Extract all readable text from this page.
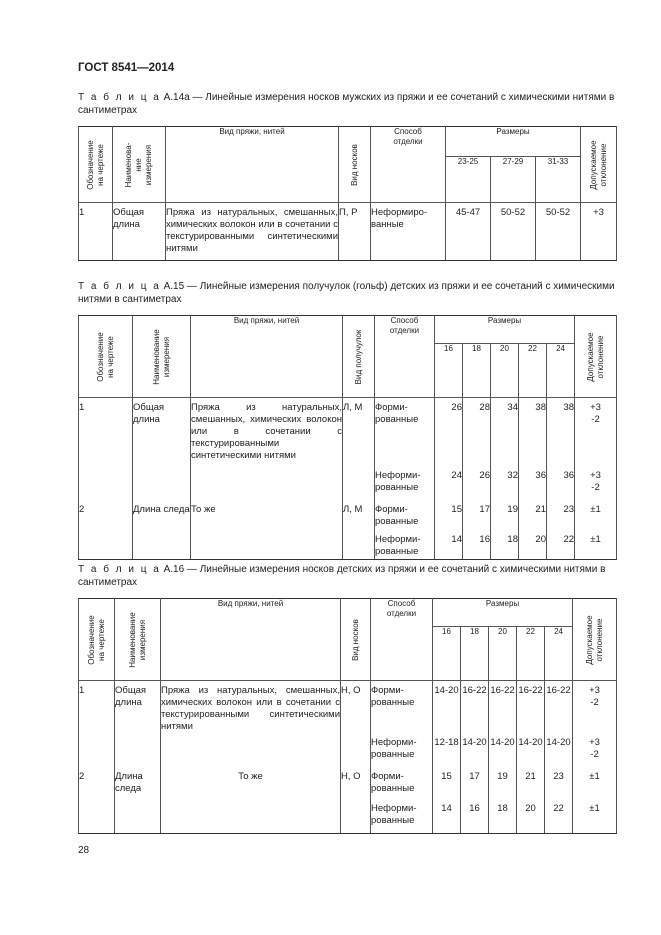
ГОСТ 8541—2014
Т а б л и ц а А.14а — Линейные измерения носков мужских из пряжи и ее сочетаний с химическими нитями в сантиметрах
Обозначение
на чертеже	Наименова-
ние
измерения	Вид пряжи, нитей	Вид носков	Способ
отделки	Размеры			Допускаемое
отклонение

					23-25	27-29	31-33	
1	Общая длина	Пряжа из натуральных, смешанных, химических волокон или в сочетании с текстурированными синтетическими нитями	П, Р	Неформированные	45-47	50-52	50-52	+3
Т а б л и ц а А.15 — Линейные измерения получулок (гольф) детских из пряжи и ее сочетаний с химическими нитями в сантиметрах
Обозначение
на чертеже	Наименование
измерения	Вид пряжи, нитей	Вид получулок	Способ
отделки	Размеры					Допускаемое
отклонение

					16	18	20	22	24	
1	Общая длина	Пряжа из натуральных, смешанных, химических волокон или в сочетании с текстурированными синтетическими нитями	Л, М	Формированные	26	28	34	38	38	+3
-2
				Неформированные	24	26	32	36	36	+3
-2
2	Длина следа	То же	Л, М	Формированные	15	17	19	21	23	±1
				Неформированные	14	16	18	20	22	±1
Т а б л и ц а А.16 — Линейные измерения носков детских из пряжи и ее сочетаний с химическими нитями в сантиметрах
Обозначение
на чертеже	Наименование
измерения	Вид пряжи, нитей	Вид носков	Способ
отделки	Размеры					Допускаемое
отклонение

					16	18	20	22	24	
1	Общая длина	Пряжа из натуральных, смешанных, химических волокон или в сочетании с текстурированными синтетическими нитями	Н, О	Формированные	14-20	16-22	16-22	16-22	16-22	+3
-2
				Неформированные	12-18	14-20	14-20	14-20	14-20	+3
-2
2	Длина следа	То же	Н, О	Формированные	15	17	19	21	23	±1
				Неформированные	14	16	18	20	22	±1
28
